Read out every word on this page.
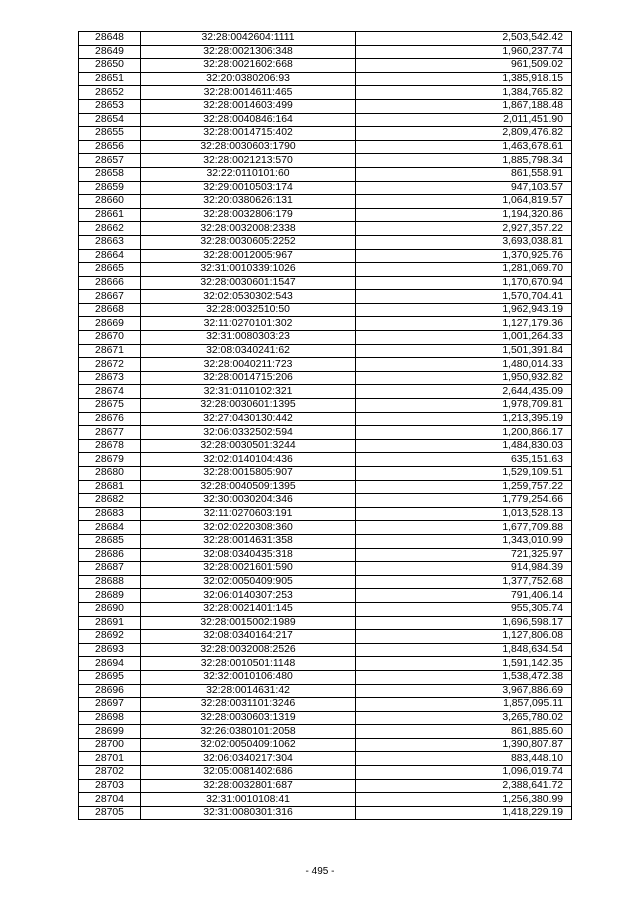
28648	32:28:0042604:1111	2,503,542.42
28649	32:28:0021306:348	1,960,237.74
28650	32:28:0021602:668	961,509.02
28651	32:20:0380206:93	1,385,918.15
28652	32:28:0014611:465	1,384,765.82
28653	32:28:0014603:499	1,867,188.48
28654	32:28:0040846:164	2,011,451.90
28655	32:28:0014715:402	2,809,476.82
28656	32:28:0030603:1790	1,463,678.61
28657	32:28:0021213:570	1,885,798.34
28658	32:22:0110101:60	861,558.91
28659	32:29:0010503:174	947,103.57
28660	32:20:0380626:131	1,064,819.57
28661	32:28:0032806:179	1,194,320.86
28662	32:28:0032008:2338	2,927,357.22
28663	32:28:0030605:2252	3,693,038.81
28664	32:28:0012005:967	1,370,925.76
28665	32:31:0010339:1026	1,281,069.70
28666	32:28:0030601:1547	1,170,670.94
28667	32:02:0530302:543	1,570,704.41
28668	32:28:0032510:50	1,962,943.19
28669	32:11:0270101:302	1,127,179.36
28670	32:31:0080303:23	1,001,264.33
28671	32:08:0340241:62	1,501,391.84
28672	32:28:0040211:723	1,480,014.33
28673	32:28:0014715:206	1,950,932.82
28674	32:31:0110102:321	2,644,435.09
28675	32:28:0030601:1395	1,978,709.81
28676	32:27:0430130:442	1,213,395.19
28677	32:06:0332502:594	1,200,866.17
28678	32:28:0030501:3244	1,484,830.03
28679	32:02:0140104:436	635,151.63
28680	32:28:0015805:907	1,529,109.51
28681	32:28:0040509:1395	1,259,757.22
28682	32:30:0030204:346	1,779,254.66
28683	32:11:0270603:191	1,013,528.13
28684	32:02:0220308:360	1,677,709.88
28685	32:28:0014631:358	1,343,010.99
28686	32:08:0340435:318	721,325.97
28687	32:28:0021601:590	914,984.39
28688	32:02:0050409:905	1,377,752.68
28689	32:06:0140307:253	791,406.14
28690	32:28:0021401:145	955,305.74
28691	32:28:0015002:1989	1,696,598.17
28692	32:08:0340164:217	1,127,806.08
28693	32:28:0032008:2526	1,848,634.54
28694	32:28:0010501:1148	1,591,142.35
28695	32:32:0010106:480	1,538,472.38
28696	32:28:0014631:42	3,967,886.69
28697	32:28:0031101:3246	1,857,095.11
28698	32:28:0030603:1319	3,265,780.02
28699	32:26:0380101:2058	861,885.60
28700	32:02:0050409:1062	1,390,807.87
28701	32:06:0340217:304	883,448.10
28702	32:05:0081402:686	1,096,019.74
28703	32:28:0032801:687	2,388,641.72
28704	32:31:0010108:41	1,256,380.99
28705	32:31:0080301:316	1,418,229.19
- 495 -
